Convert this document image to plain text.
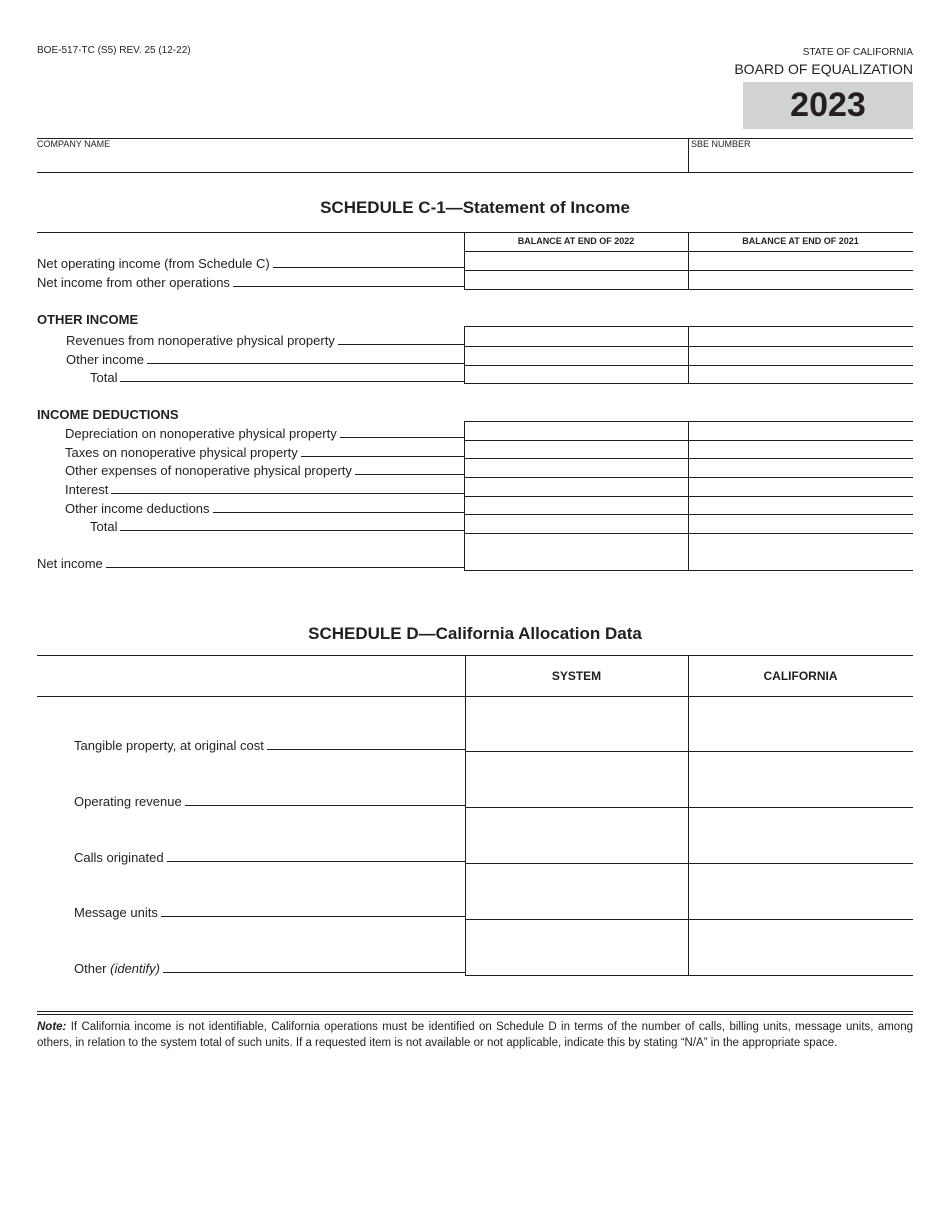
BOE-517-TC (S5) REV. 25 (12-22)	STATE OF CALIFORNIA
BOARD OF EQUALIZATION
2023
COMPANY NAME	SBE NUMBER
SCHEDULE C-1—Statement of Income
BALANCE AT END OF 2022	BALANCE AT END OF 2021
Net operating income (from Schedule C)
Net income from other operations
OTHER INCOME
Revenues from nonoperative physical property
Other income
Total
INCOME DEDUCTIONS
Depreciation on nonoperative physical property
Taxes on nonoperative physical property
Other expenses of nonoperative physical property
Interest
Other income deductions
Total
Net income
SCHEDULE D—California Allocation Data
SYSTEM	CALIFORNIA
Tangible property, at original cost
Operating revenue
Calls originated
Message units
Other (identify)
Note: If California income is not identifiable, California operations must be identified on Schedule D in terms of the number of calls, billing units, message units, among others, in relation to the system total of such units. If a requested item is not available or not applicable, indicate this by stating “N/A” in the appropriate space.
